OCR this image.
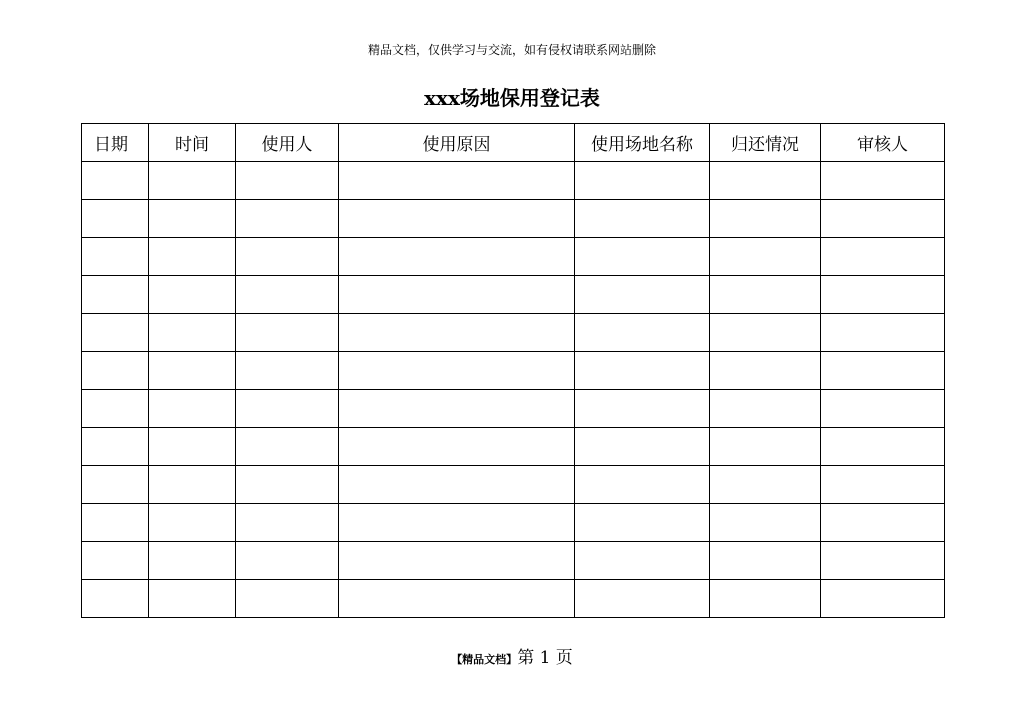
精品文档，仅供学习与交流，如有侵权请联系网站删除
xxx场地保用登记表
日期	时间	使用人	使用原因	使用场地名称	归还情况	审核人

【精品文档】第 1 页
